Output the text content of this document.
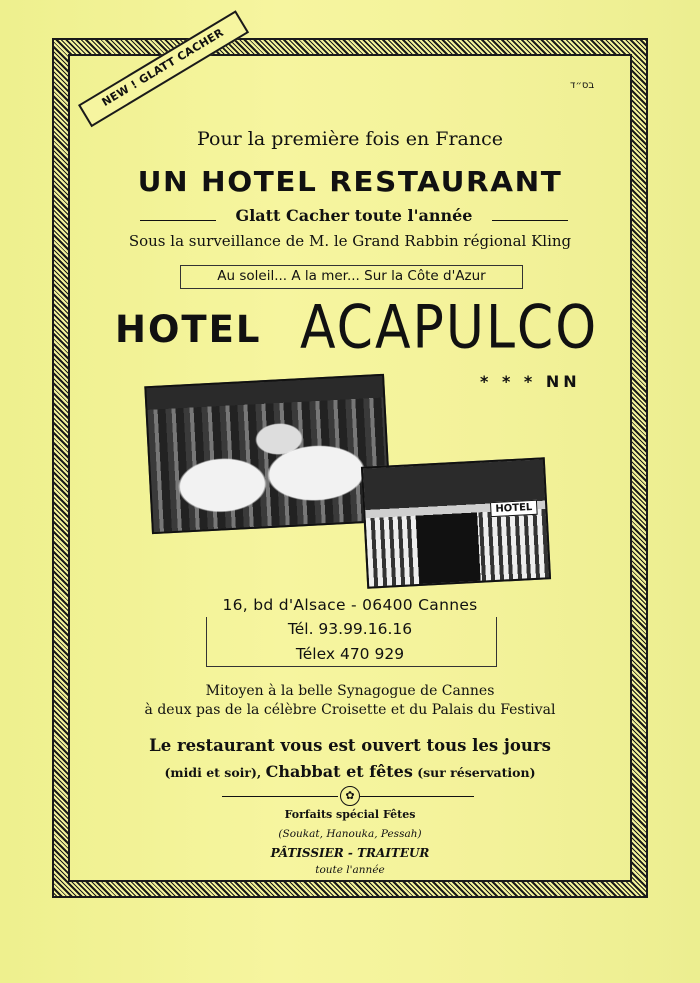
NEW ! GLATT CACHER	בס״ד
Pour la première fois en France
UN HOTEL RESTAURANT
Glatt Cacher toute l'année
Sous la surveillance de M. le Grand Rabbin régional Kling
Au soleil... A la mer... Sur la Côte d'Azur
HOTEL ACAPULCO
* * * NN
HOTEL
16, bd d'Alsace - 06400 Cannes
Tél. 93.99.16.16
Télex 470 929
Mitoyen à la belle Synagogue de Cannes
à deux pas de la célèbre Croisette et du Palais du Festival
Le restaurant vous est ouvert tous les jours
(midi et soir), Chabbat et fêtes (sur réservation)
✿
Forfaits spécial Fêtes
(Soukat, Hanouka, Pessah)
PÂTISSIER - TRAITEUR
toute l'année
